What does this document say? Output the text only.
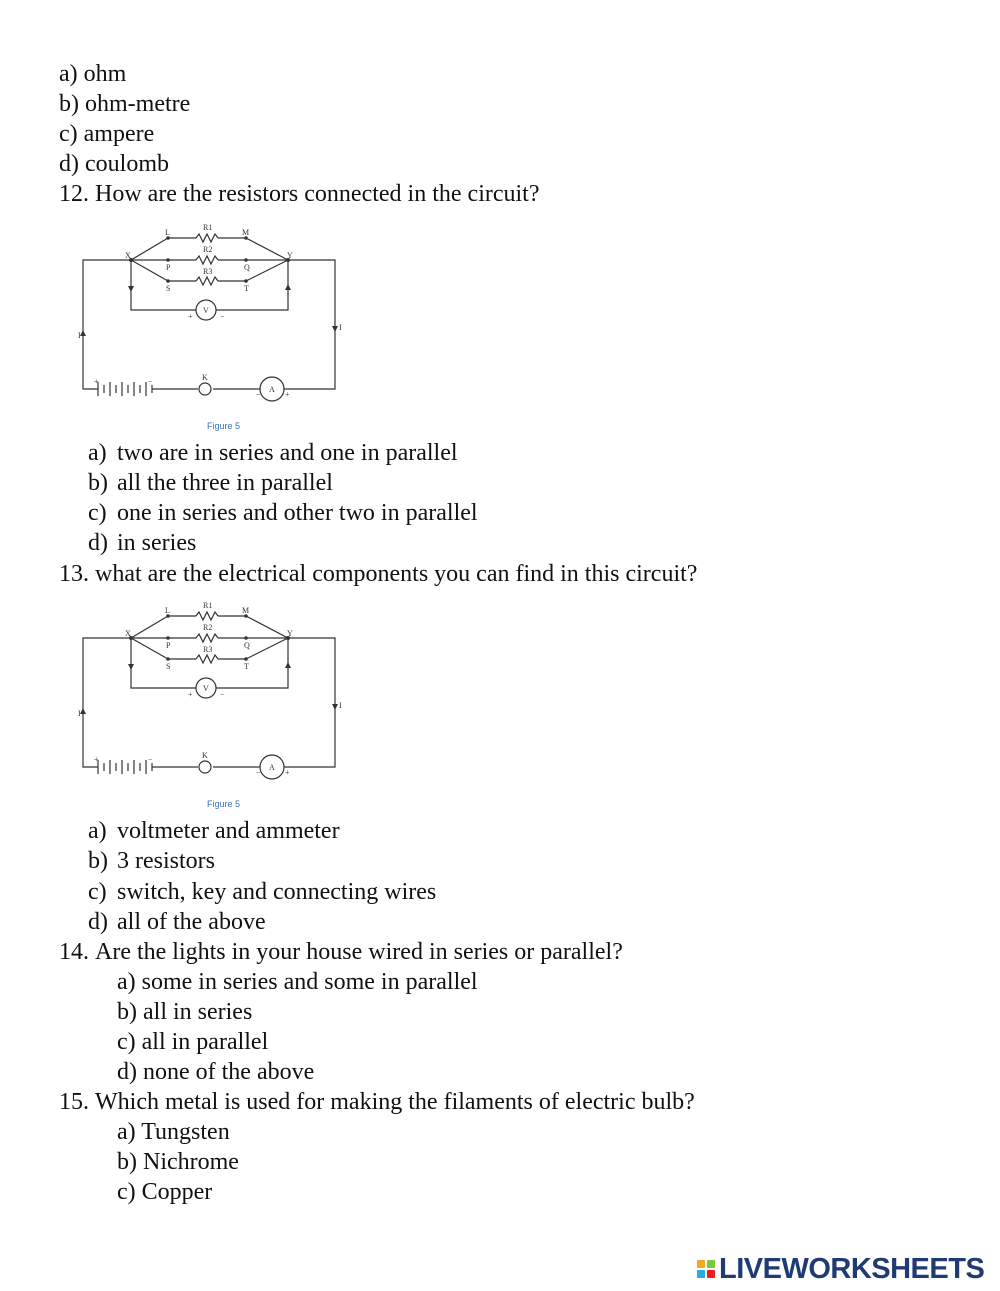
a) ohm
b) ohm-metre
c) ampere
d) coulomb
12. How are the resistors connected in the circuit?
L	M
X	Y
P	Q
S	T
R1
R2
R3
V
A
K
I
I
+	−
+	−
−	+
Figure 5
a) two are in series and one in parallel
b) all the three in parallel
c) one in series and other two in parallel
d) in series
13. what are the electrical components you can find in this circuit?
L	M
X	Y
P	Q
S	T
R1
R2
R3
V
A
K
I
I
+	−
+	−
−	+
Figure 5
a) voltmeter and ammeter
b) 3 resistors
c) switch, key and connecting wires
d) all of the above
14. Are the lights in your house wired in series or parallel?
a) some in series and some in parallel
b) all in series
c) all in parallel
d) none of the above
15. Which metal is used for making the filaments of electric bulb?
a) Tungsten
b) Nichrome
c) Copper
LIVEWORKSHEETS
